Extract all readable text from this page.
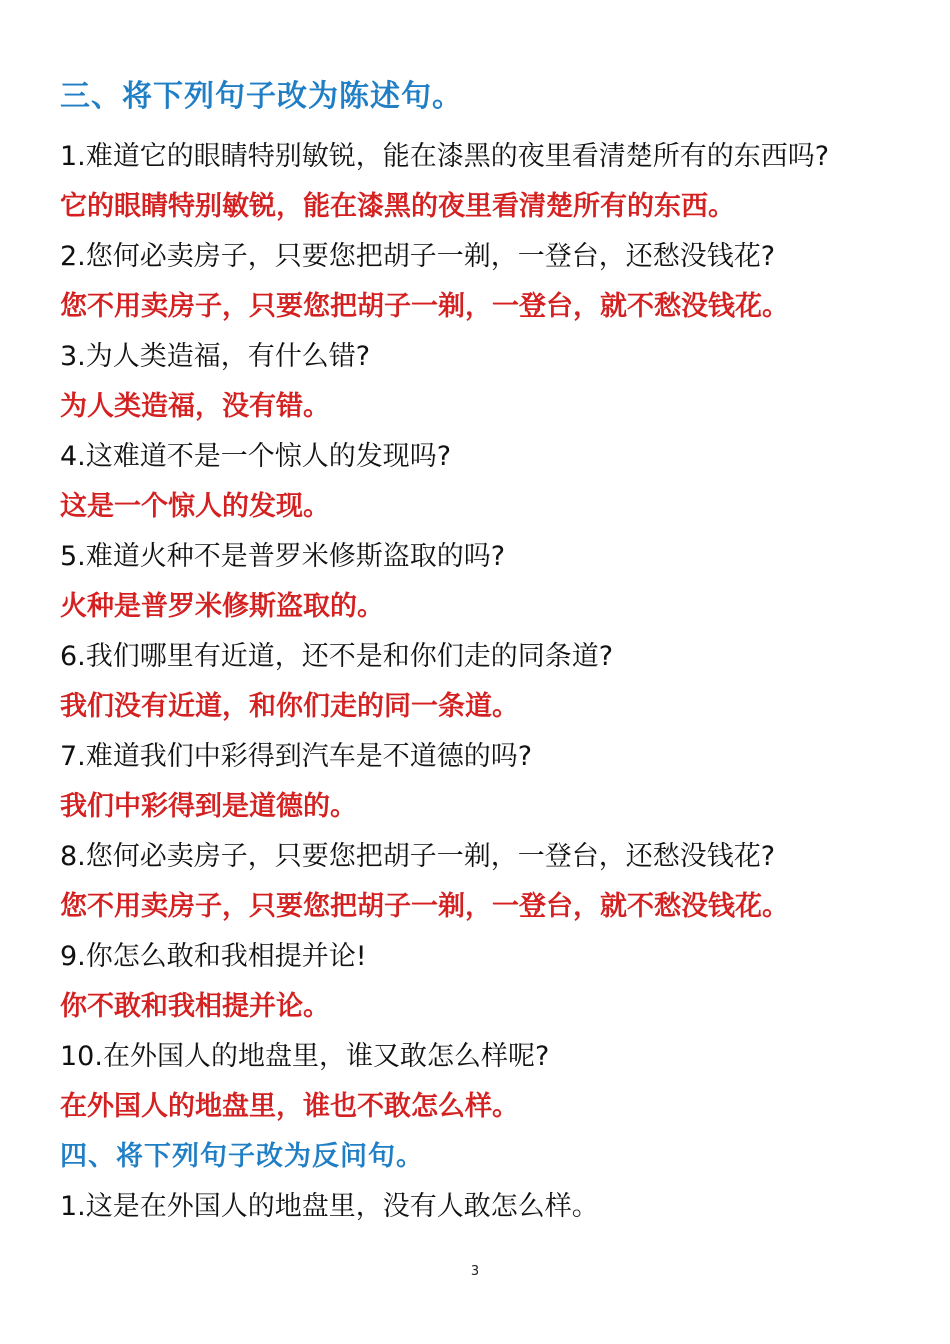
三、将下列句子改为陈述句。
1.难道它的眼睛特别敏锐，能在漆黑的夜里看清楚所有的东西吗?
它的眼睛特别敏锐，能在漆黑的夜里看清楚所有的东西。
2.您何必卖房子，只要您把胡子一剃，一登台，还愁没钱花?
您不用卖房子，只要您把胡子一剃，一登台，就不愁没钱花。
3.为人类造福，有什么错?
为人类造福，没有错。
4.这难道不是一个惊人的发现吗?
这是一个惊人的发现。
5.难道火种不是普罗米修斯盗取的吗?
火种是普罗米修斯盗取的。
6.我们哪里有近道，还不是和你们走的同条道?
我们没有近道，和你们走的同一条道。
7.难道我们中彩得到汽车是不道德的吗?
我们中彩得到是道德的。
8.您何必卖房子，只要您把胡子一剃，一登台，还愁没钱花?
您不用卖房子，只要您把胡子一剃，一登台，就不愁没钱花。
9.你怎么敢和我相提并论!
你不敢和我相提并论。
10.在外国人的地盘里，谁又敢怎么样呢?
在外国人的地盘里，谁也不敢怎么样。
四、将下列句子改为反问句。
1.这是在外国人的地盘里，没有人敢怎么样。
3
